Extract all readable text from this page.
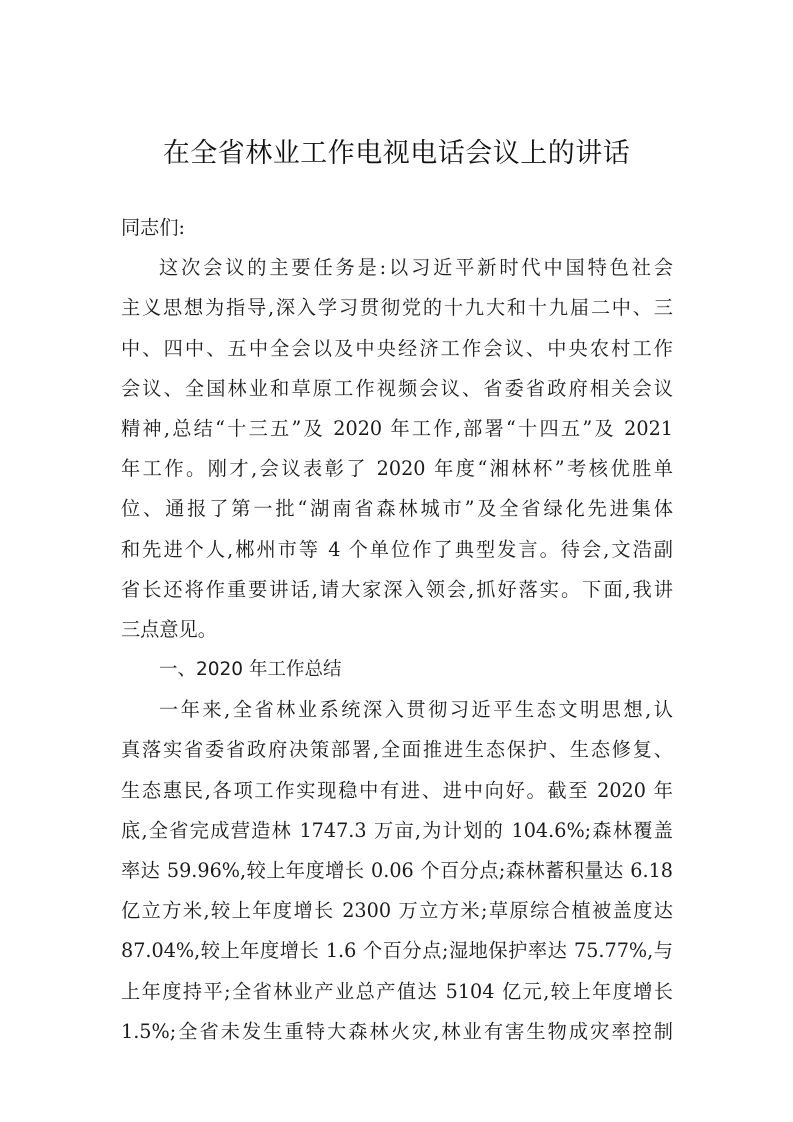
在全省林业工作电视电话会议上的讲话
同志们:
这次会议的主要任务是:以习近平新时代中国特色社会
主义思想为指导,深入学习贯彻党的十九大和十九届二中、三
中、四中、五中全会以及中央经济工作会议、中央农村工作
会议、全国林业和草原工作视频会议、省委省政府相关会议
精神,总结“十三五”及 2020 年工作,部署“十四五”及 2021
年工作。刚才,会议表彰了 2020 年度“湘林杯”考核优胜单
位、通报了第一批“湖南省森林城市”及全省绿化先进集体
和先进个人,郴州市等 4 个单位作了典型发言。待会,文浩副
省长还将作重要讲话,请大家深入领会,抓好落实。下面,我讲
三点意见。
一、2020 年工作总结
一年来,全省林业系统深入贯彻习近平生态文明思想,认
真落实省委省政府决策部署,全面推进生态保护、生态修复、
生态惠民,各项工作实现稳中有进、进中向好。截至 2020 年
底,全省完成营造林 1747.3 万亩,为计划的 104.6%;森林覆盖
率达 59.96%,较上年度增长 0.06 个百分点;森林蓄积量达 6.18
亿立方米,较上年度增长 2300 万立方米;草原综合植被盖度达
87.04%,较上年度增长 1.6 个百分点;湿地保护率达 75.77%,与
上年度持平;全省林业产业总产值达 5104 亿元,较上年度增长
1.5%;全省未发生重特大森林火灾,林业有害生物成灾率控制
